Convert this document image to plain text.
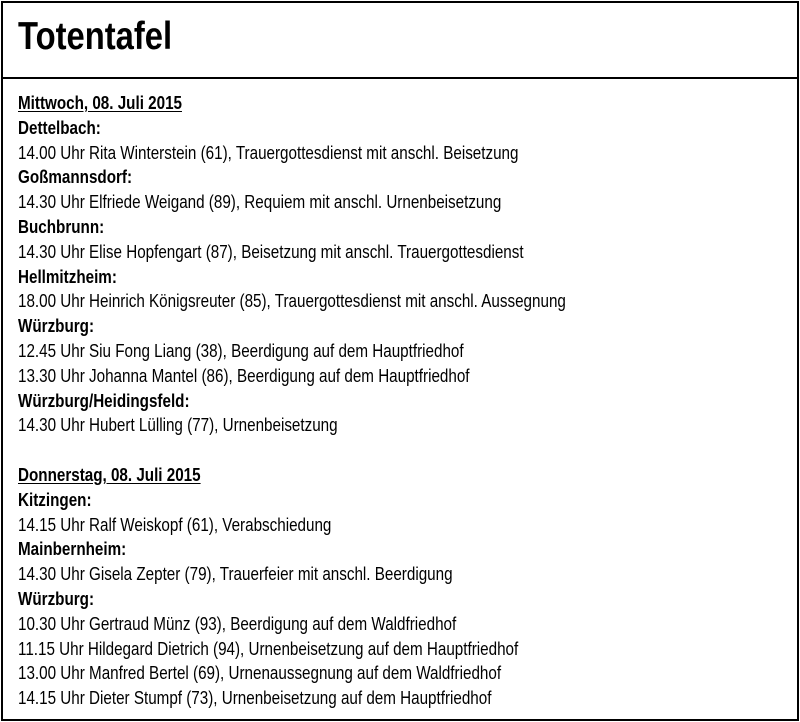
Totentafel
Mittwoch, 08. Juli 2015
Dettelbach:
14.00 Uhr Rita Winterstein (61), Trauergottesdienst mit anschl. Beisetzung
Goßmannsdorf:
14.30 Uhr Elfriede Weigand (89), Requiem mit anschl. Urnenbeisetzung
Buchbrunn:
14.30 Uhr Elise Hopfengart (87), Beisetzung mit anschl. Trauergottesdienst
Hellmitzheim:
18.00 Uhr Heinrich Königsreuter (85), Trauergottesdienst mit anschl. Aussegnung
Würzburg:
12.45 Uhr Siu Fong Liang (38), Beerdigung auf dem Hauptfriedhof
13.30 Uhr Johanna Mantel (86), Beerdigung auf dem Hauptfriedhof
Würzburg/Heidingsfeld:
14.30 Uhr Hubert Lülling (77), Urnenbeisetzung
Donnerstag, 08. Juli 2015
Kitzingen:
14.15 Uhr Ralf Weiskopf (61), Verabschiedung
Mainbernheim:
14.30 Uhr Gisela Zepter (79), Trauerfeier mit anschl. Beerdigung
Würzburg:
10.30 Uhr Gertraud Münz (93), Beerdigung auf dem Waldfriedhof
11.15 Uhr Hildegard Dietrich (94), Urnenbeisetzung auf dem Hauptfriedhof
13.00 Uhr Manfred Bertel (69), Urnenaussegnung auf dem Waldfriedhof
14.15 Uhr Dieter Stumpf (73), Urnenbeisetzung auf dem Hauptfriedhof
